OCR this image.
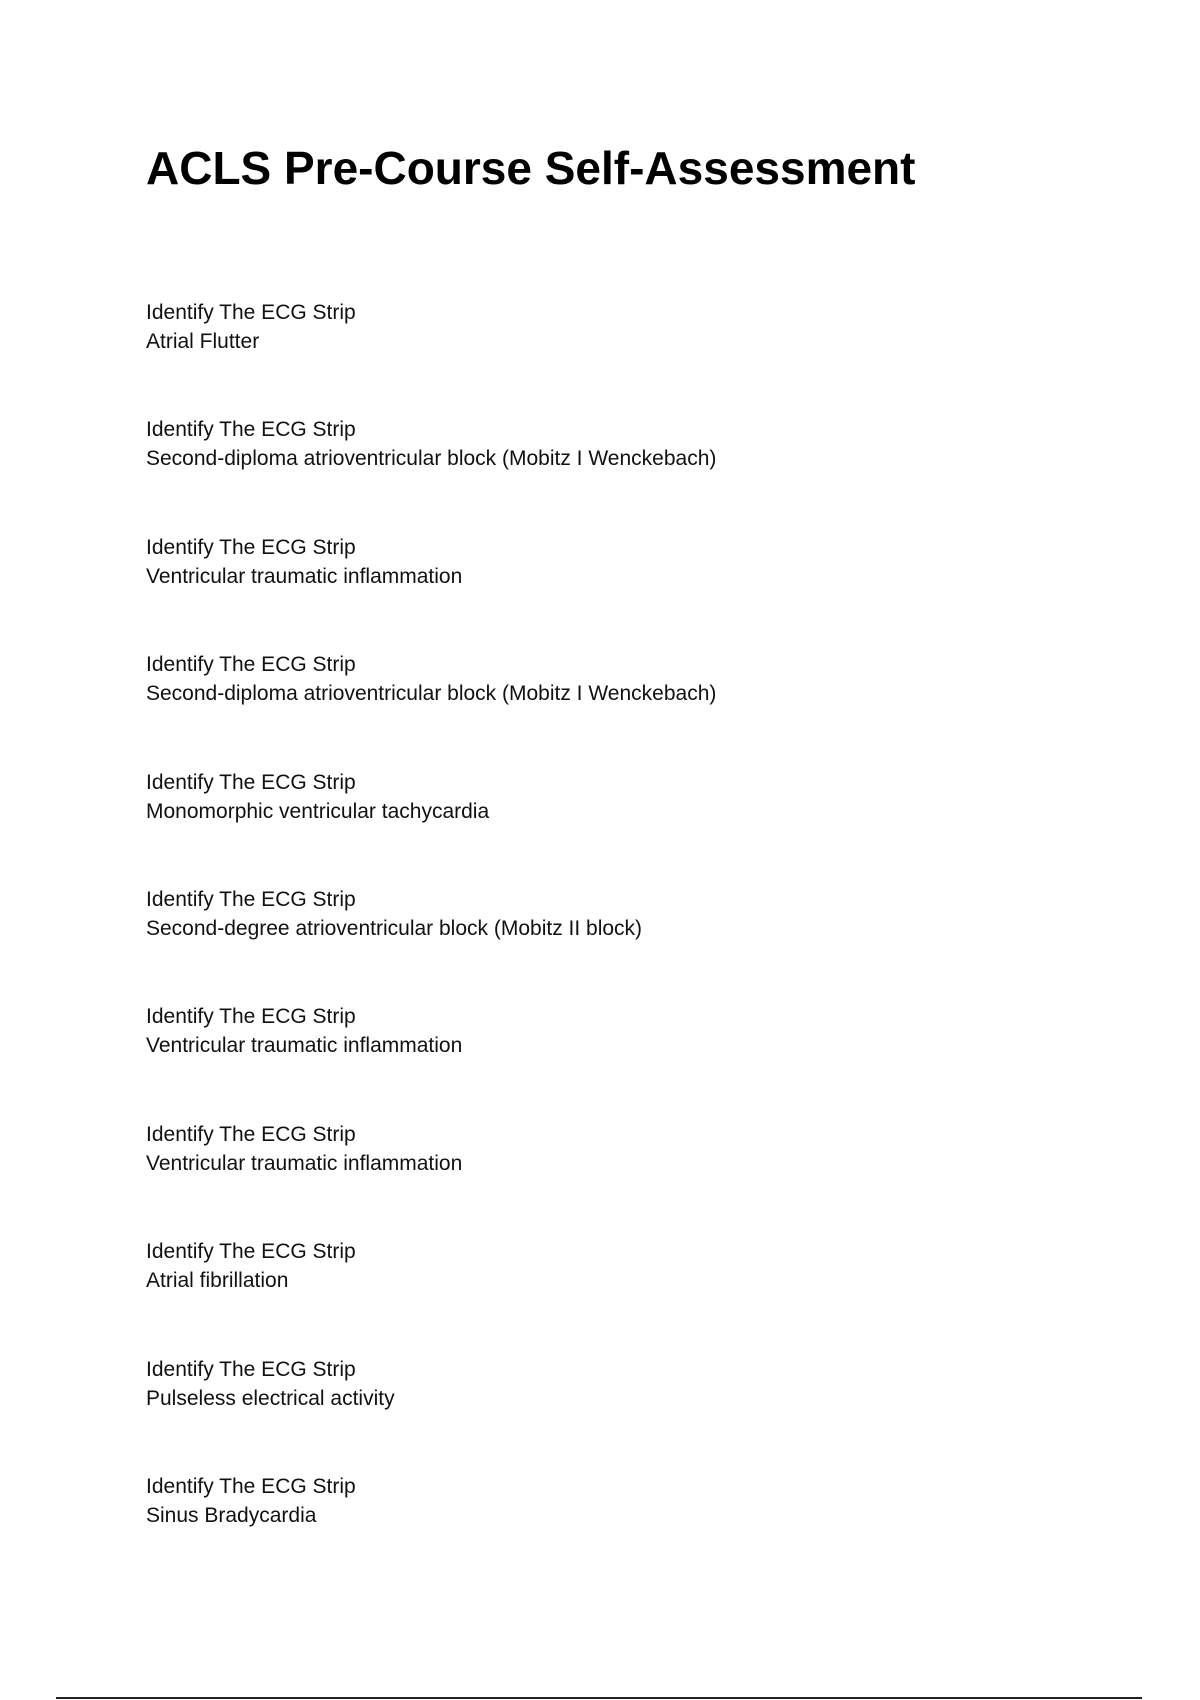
ACLS Pre-Course Self-Assessment
Identify The ECG Strip
Atrial Flutter
Identify The ECG Strip
Second-diploma atrioventricular block (Mobitz I Wenckebach)
Identify The ECG Strip
Ventricular traumatic inflammation
Identify The ECG Strip
Second-diploma atrioventricular block (Mobitz I Wenckebach)
Identify The ECG Strip
Monomorphic ventricular tachycardia
Identify The ECG Strip
Second-degree atrioventricular block (Mobitz II block)
Identify The ECG Strip
Ventricular traumatic inflammation
Identify The ECG Strip
Ventricular traumatic inflammation
Identify The ECG Strip
Atrial fibrillation
Identify The ECG Strip
Pulseless electrical activity
Identify The ECG Strip
Sinus Bradycardia
